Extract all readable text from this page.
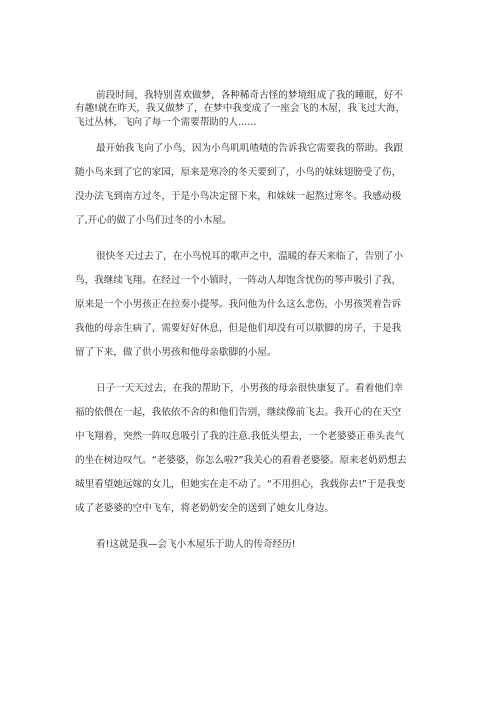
前段时间，我特别喜欢做梦，各种稀奇古怪的梦境组成了我的睡眠，好不
有趣!就在昨天，我又做梦了，在梦中我变成了一座会飞的木屋，我飞过大海，
飞过丛林，飞向了每一个需要帮助的人......
最开始我飞向了小鸟，因为小鸟叽叽喳喳的告诉我它需要我的帮助。我跟
随小鸟来到了它的家园，原来是寒冷的冬天要到了，小鸟的妹妹翅膀受了伤，
没办法飞到南方过冬，于是小鸟决定留下来，和妹妹一起熬过寒冬。我感动极
了,开心的做了小鸟们过冬的小木屋。
很快冬天过去了，在小鸟悦耳的歌声之中，温暖的春天来临了，告别了小
鸟，我继续飞翔。在经过一个小镇时，一阵动人却饱含忧伤的琴声吸引了我，
原来是一个小男孩正在拉奏小提琴。我问他为什么这么悲伤，小男孩哭着告诉
我他的母亲生病了，需要好好休息，但是他们却没有可以歇脚的房子，于是我
留了下来，做了供小男孩和他母亲歇脚的小屋。
日子一天天过去，在我的帮助下，小男孩的母亲很快康复了。看着他们幸
福的依偎在一起，我依依不舍的和他们告别，继续像前飞去。我开心的在天空
中飞翔着，突然一阵叹息吸引了我的注意.我低头望去，一个老婆婆正垂头丧气
的坐在树边叹气。“老婆婆，你怎么啦?”我关心的看着老婆婆。原来老奶奶想去
城里看望她远嫁的女儿，但她实在走不动了。“不用担心，我载你去!”于是我变
成了老婆婆的空中飞车，将老奶奶安全的送到了她女儿身边。
看!这就是我—会飞小木屋乐于助人的传奇经历!
